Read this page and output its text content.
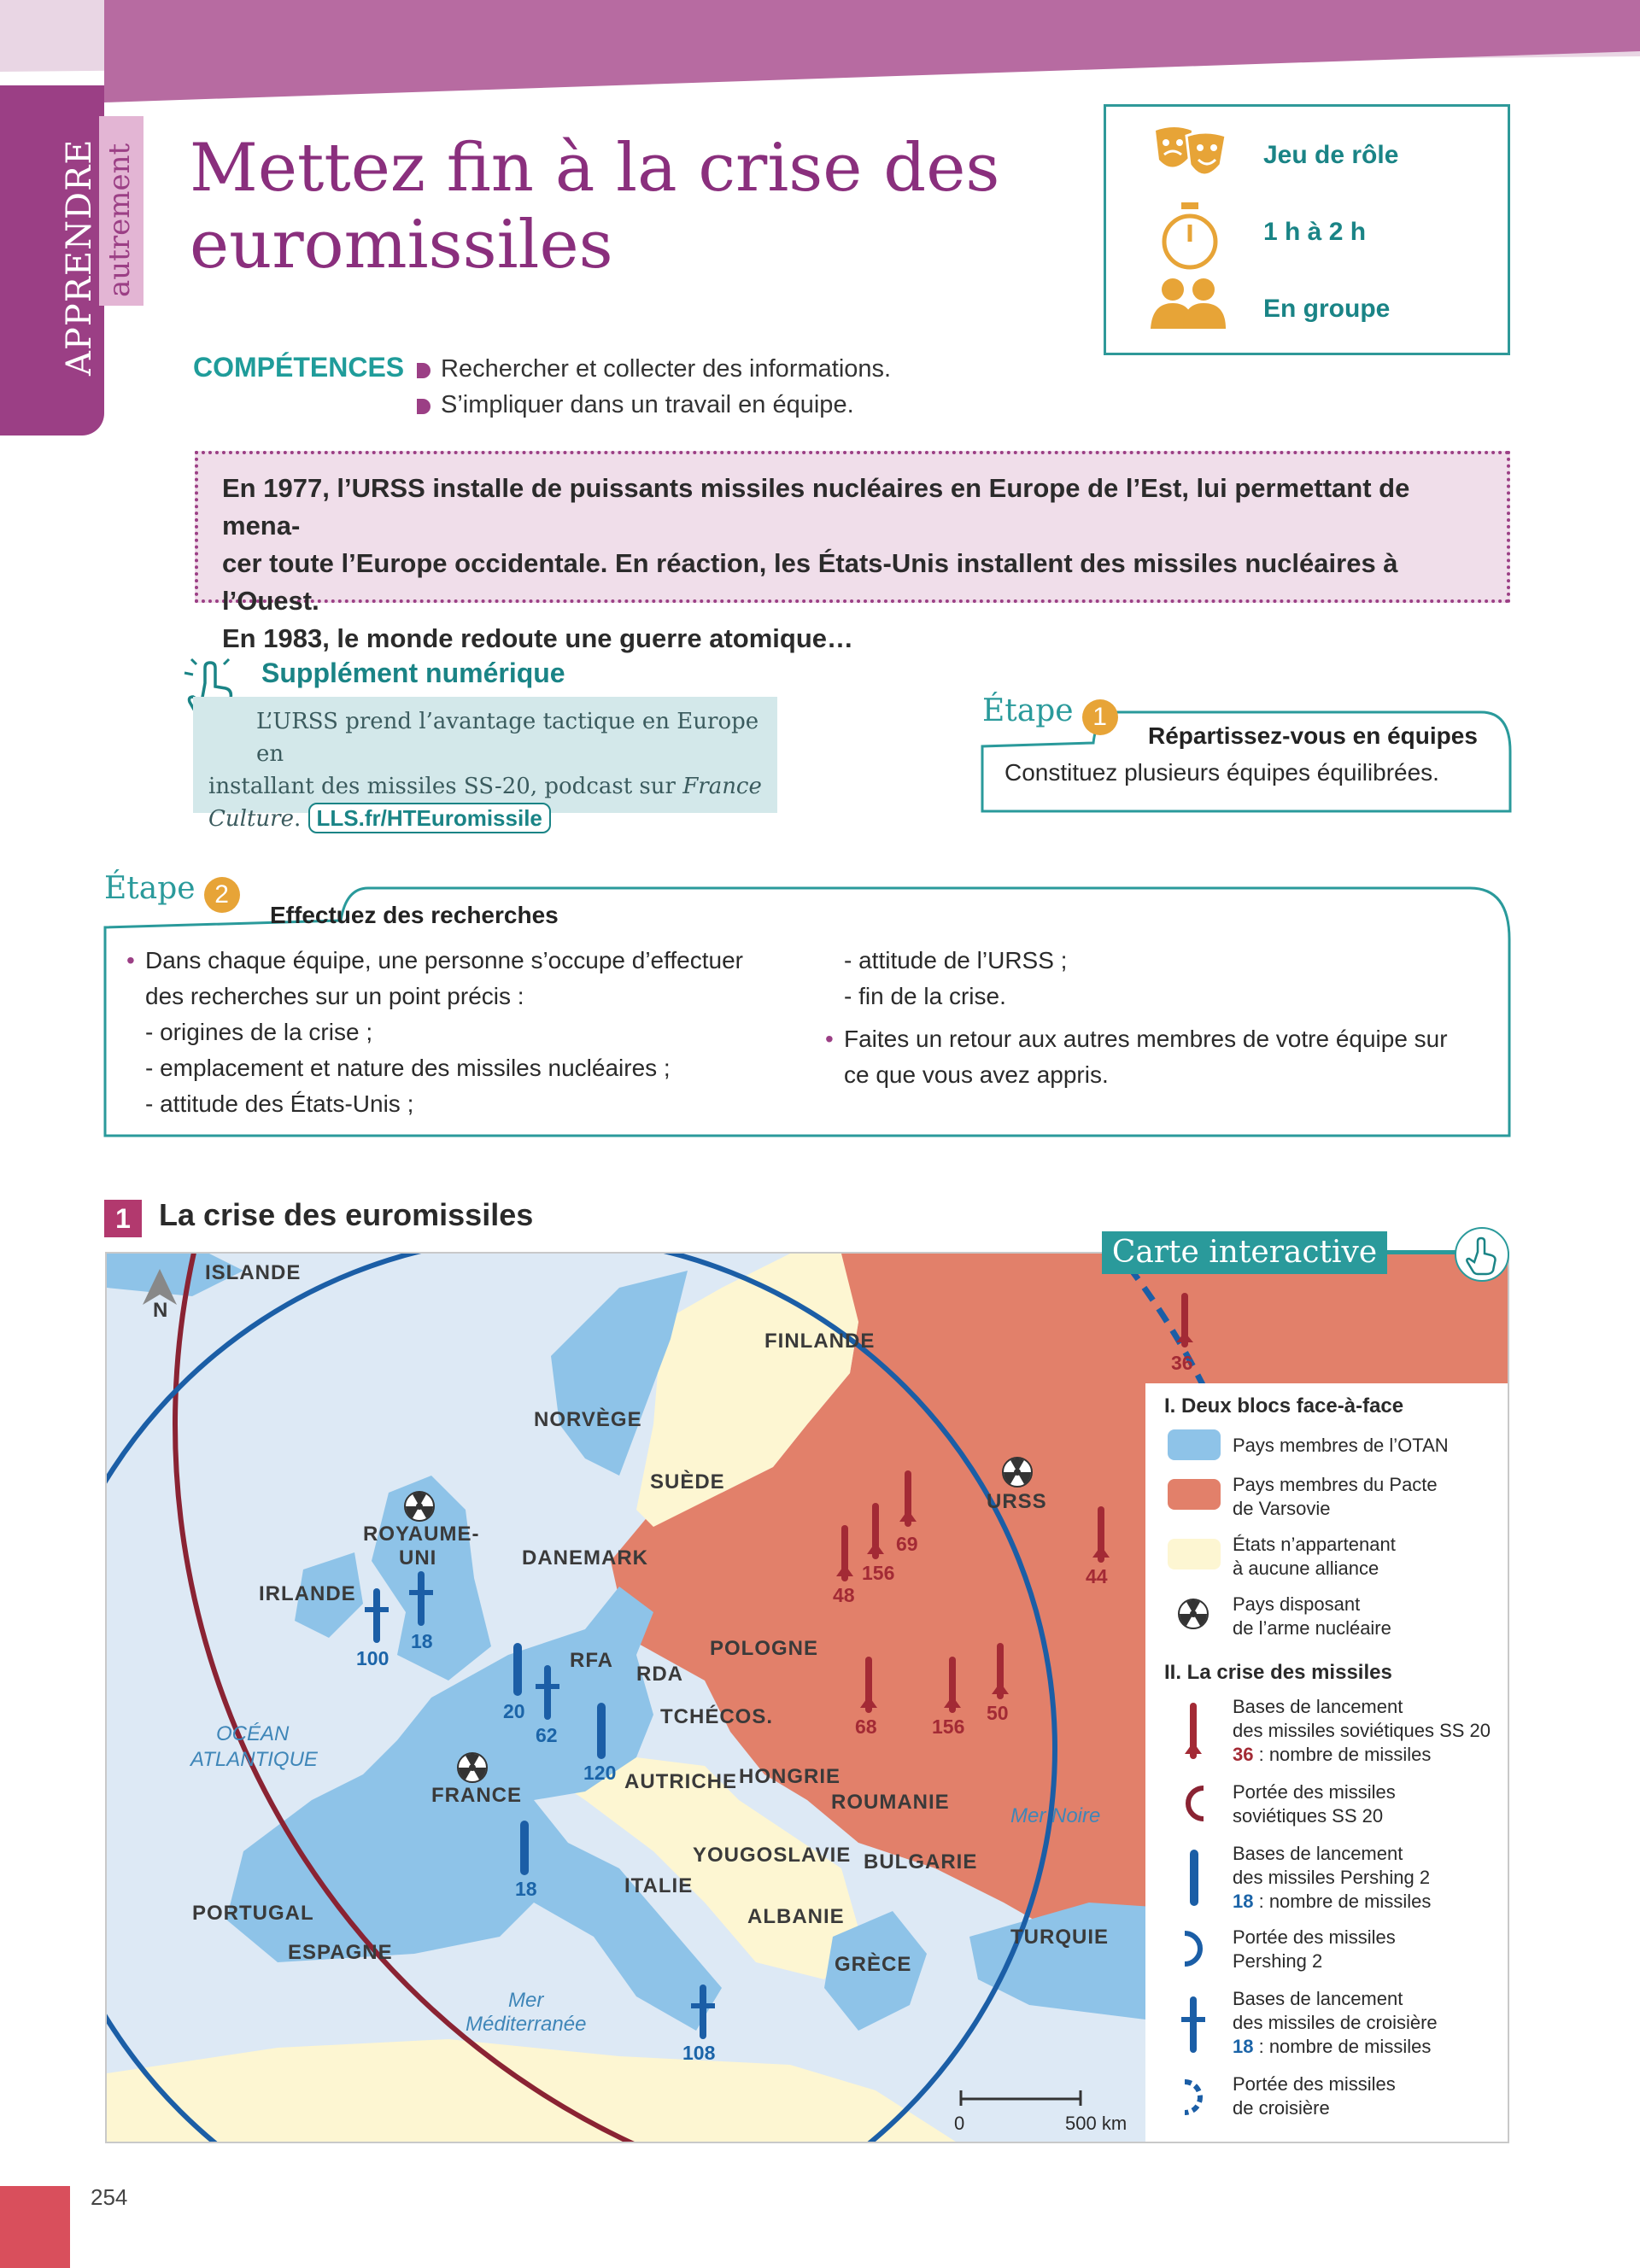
APPRENDRE autrement Mettez fin à la crise des
euromissiles
Jeu de rôle
1 h à 2 h
En groupe
COMPÉTENCES	Rechercher et collecter des informations.
S’impliquer dans un travail en équipe.
En 1977, l’URSS installe de puissants missiles nucléaires en Europe de l’Est, lui permettant de mena-
cer toute l’Europe occidentale. En réaction, les États-Unis installent des missiles nucléaires à l’Ouest.
En 1983, le monde redoute une guerre atomique…
Supplément numérique
L’URSS prend l’avantage tactique en Europe en
installant des missiles SS-20, podcast sur France
Culture. LLS.fr/HTEuromissile
Étape 1
Répartissez-vous en équipes
Constituez plusieurs équipes équilibrées.
Étape 2
Effectuez des recherches
• Dans chaque équipe, une personne s’occupe d’effectuer
des recherches sur un point précis :
- origines de la crise ;
- emplacement et nature des missiles nucléaires ;
- attitude des États-Unis ;
- attitude de l’URSS ;
- fin de la crise.
• Faites un retour aux autres membres de votre équipe sur
ce que vous avez appris.
1 La crise des euromissiles
N
ISLANDE
FINLANDE
NORVÈGE
SUÈDE
URSS
ROYAUME-
UNI	DANEMARK
IRLANDE
POLOGNE
RFA
RDA
TCHÉCOS.
FRANCE
AUTRICHE HONGRIE
ROUMANIE
YOUGOSLAVIE BULGARIE
ITALIE
PORTUGAL
ESPAGNE
ALBANIE
GRÈCE
TURQUIE
OCÉAN
ATLANTIQUE
Mer Noire
Mer
Méditerranée
36
69
156
48
44
68	156
50
100
18
20
62
120
18
108
0	500 km
I. Deux blocs face-à-face
Pays membres de l’OTAN
Pays membres du Pacte
de Varsovie
États n’appartenant
à aucune alliance
Pays disposant
de l’arme nucléaire
II. La crise des missiles
Bases de lancement
des missiles soviétiques SS 20
36 : nombre de missiles
Portée des missiles
soviétiques SS 20
Bases de lancement
des missiles Pershing 2
18 : nombre de missiles
Portée des missiles
Pershing 2
Bases de lancement
des missiles de croisière
18 : nombre de missiles
Portée des missiles
de croisière
Carte interactive
254
